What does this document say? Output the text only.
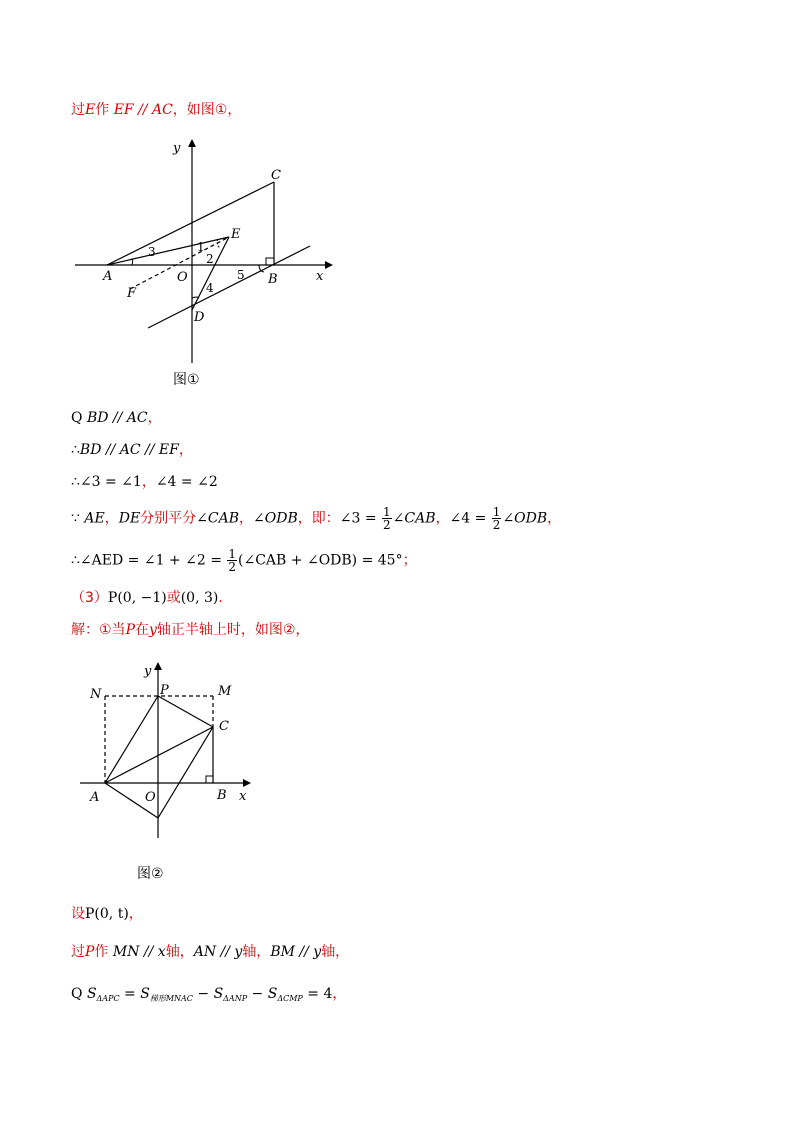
过E作 EF // AC，如图①，
y
x
C
E
A	O	B
F
D
3	1
2
4
5
图①
Q BD // AC，
∴BD // AC // EF，
∴∠3 = ∠1，∠4 = ∠2
∵ AE，DE分别平分∠CAB，∠ODB，即：∠3 = $\frac{1}{2}$ ∠CAB，∠4 = $\frac{1}{2}$ ∠ODB，
∴∠AED = ∠1 + ∠2 = $\frac{1}{2}$ (∠CAB + ∠ODB) = 45°；
（3）P(0, −1)或(0, 3).
解：①当P在y轴正半轴上时，如图②，
y
x
N	P	M
C
A	O	B
图②
设P(0, t)，
过P作 MN // x轴，AN // y轴，BM // y轴，
Q $S_{\Delta APC} = S_{梯形MNAC} - S_{\Delta ANP} - S_{\Delta CMP} = 4$，
